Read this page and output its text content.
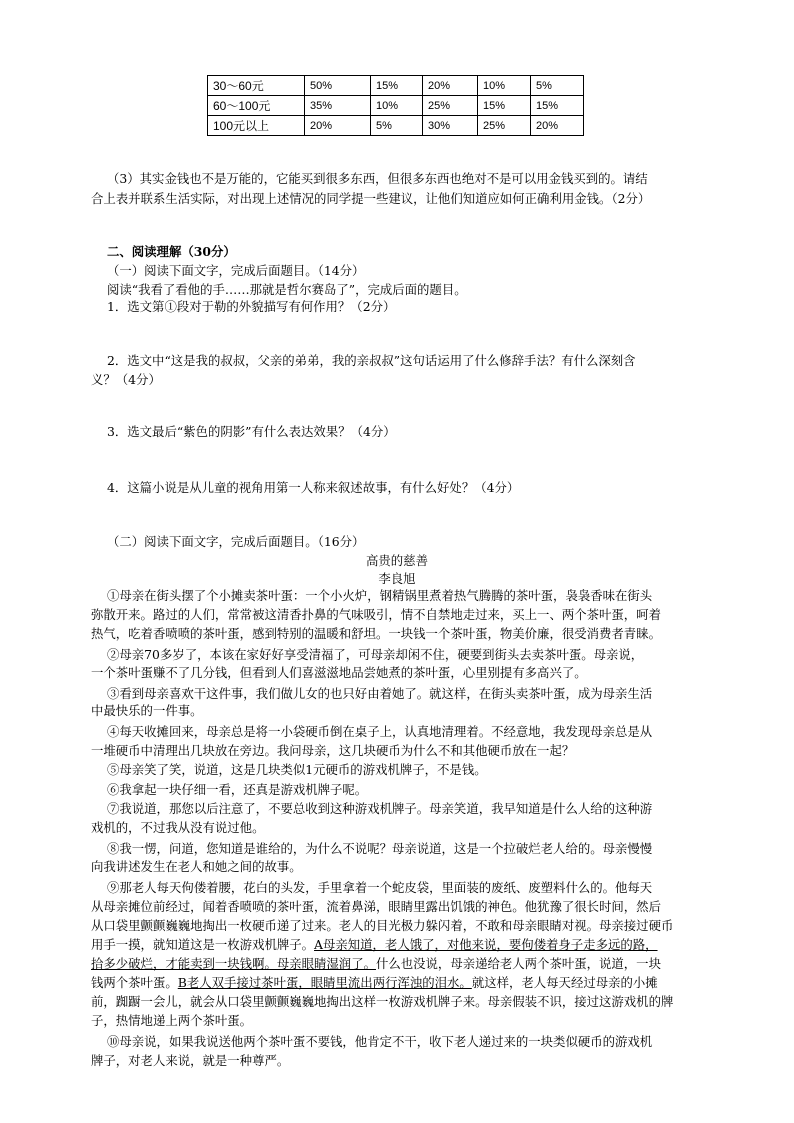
30～60元	50%	15%	20%	10%	5%
60～100元	35%	10%	25%	15%	15%
100元以上	20%	5%	30%	25%	20%
（3）其实金钱也不是万能的，它能买到很多东西，但很多东西也绝对不是可以用金钱买到的。请结
合上表并联系生活实际，对出现上述情况的同学提一些建议，让他们知道应如何正确利用金钱。（2分）
二、阅读理解（30分）
（一）阅读下面文字，完成后面题目。（14分）
阅读“我看了看他的手……那就是哲尔赛岛了”，完成后面的题目。
1．选文第①段对于勒的外貌描写有何作用？（2分）
2．选文中“这是我的叔叔，父亲的弟弟，我的亲叔叔”这句话运用了什么修辞手法？有什么深刻含
义？（4分）
3．选文最后“紫色的阴影”有什么表达效果？（4分）
4．这篇小说是从儿童的视角用第一人称来叙述故事，有什么好处？（4分）
（二）阅读下面文字，完成后面题目。（16分）
高贵的慈善
李良旭
①母亲在街头摆了个小摊卖茶叶蛋：一个小火炉，钢精锅里煮着热气腾腾的茶叶蛋，袅袅香味在街头
弥散开来。路过的人们，常常被这清香扑鼻的气味吸引，情不自禁地走过来，买上一、两个茶叶蛋，呵着
热气，吃着香喷喷的茶叶蛋，感到特别的温暖和舒坦。一块钱一个茶叶蛋，物美价廉，很受消费者青睐。
②母亲70多岁了，本该在家好好享受清福了，可母亲却闲不住，硬要到街头去卖茶叶蛋。母亲说，
一个茶叶蛋赚不了几分钱，但看到人们喜滋滋地品尝她煮的茶叶蛋，心里别提有多高兴了。
③看到母亲喜欢干这件事，我们做儿女的也只好由着她了。就这样，在街头卖茶叶蛋，成为母亲生活
中最快乐的一件事。
④每天收摊回来，母亲总是将一小袋硬币倒在桌子上，认真地清理着。不经意地，我发现母亲总是从
一堆硬币中清理出几块放在旁边。我问母亲，这几块硬币为什么不和其他硬币放在一起？
⑤母亲笑了笑，说道，这是几块类似1元硬币的游戏机牌子，不是钱。
⑥我拿起一块仔细一看，还真是游戏机牌子呢。
⑦我说道，那您以后注意了，不要总收到这种游戏机牌子。母亲笑道，我早知道是什么人给的这种游
戏机的，不过我从没有说过他。
⑧我一愣，问道，您知道是谁给的，为什么不说呢？母亲说道，这是一个拉破烂老人给的。母亲慢慢
向我讲述发生在老人和她之间的故事。
⑨那老人每天佝偻着腰，花白的头发，手里拿着一个蛇皮袋，里面装的废纸、废塑料什么的。他每天
从母亲摊位前经过，闻着香喷喷的茶叶蛋，流着鼻涕，眼睛里露出饥饿的神色。他犹豫了很长时间，然后
从口袋里颤颤巍巍地掏出一枚硬币递了过来。老人的目光极力躲闪着，不敢和母亲眼睛对视。母亲接过硬币
用手一摸，就知道这是一枚游戏机牌子。A母亲知道，老人饿了，对他来说，要佝偻着身子走多远的路，
拾多少破烂，才能卖到一块钱啊。母亲眼睛湿润了。什么也没说，母亲递给老人两个茶叶蛋，说道，一块
钱两个茶叶蛋。B老人双手接过茶叶蛋，眼睛里流出两行浑浊的泪水。就这样，老人每天经过母亲的小摊
前，踟蹰一会儿，就会从口袋里颤颤巍巍地掏出这样一枚游戏机牌子来。母亲假装不识，接过这游戏机的牌
子，热情地递上两个茶叶蛋。
⑩母亲说，如果我说送他两个茶叶蛋不要钱，他肯定不干，收下老人递过来的一块类似硬币的游戏机
牌子，对老人来说，就是一种尊严。
